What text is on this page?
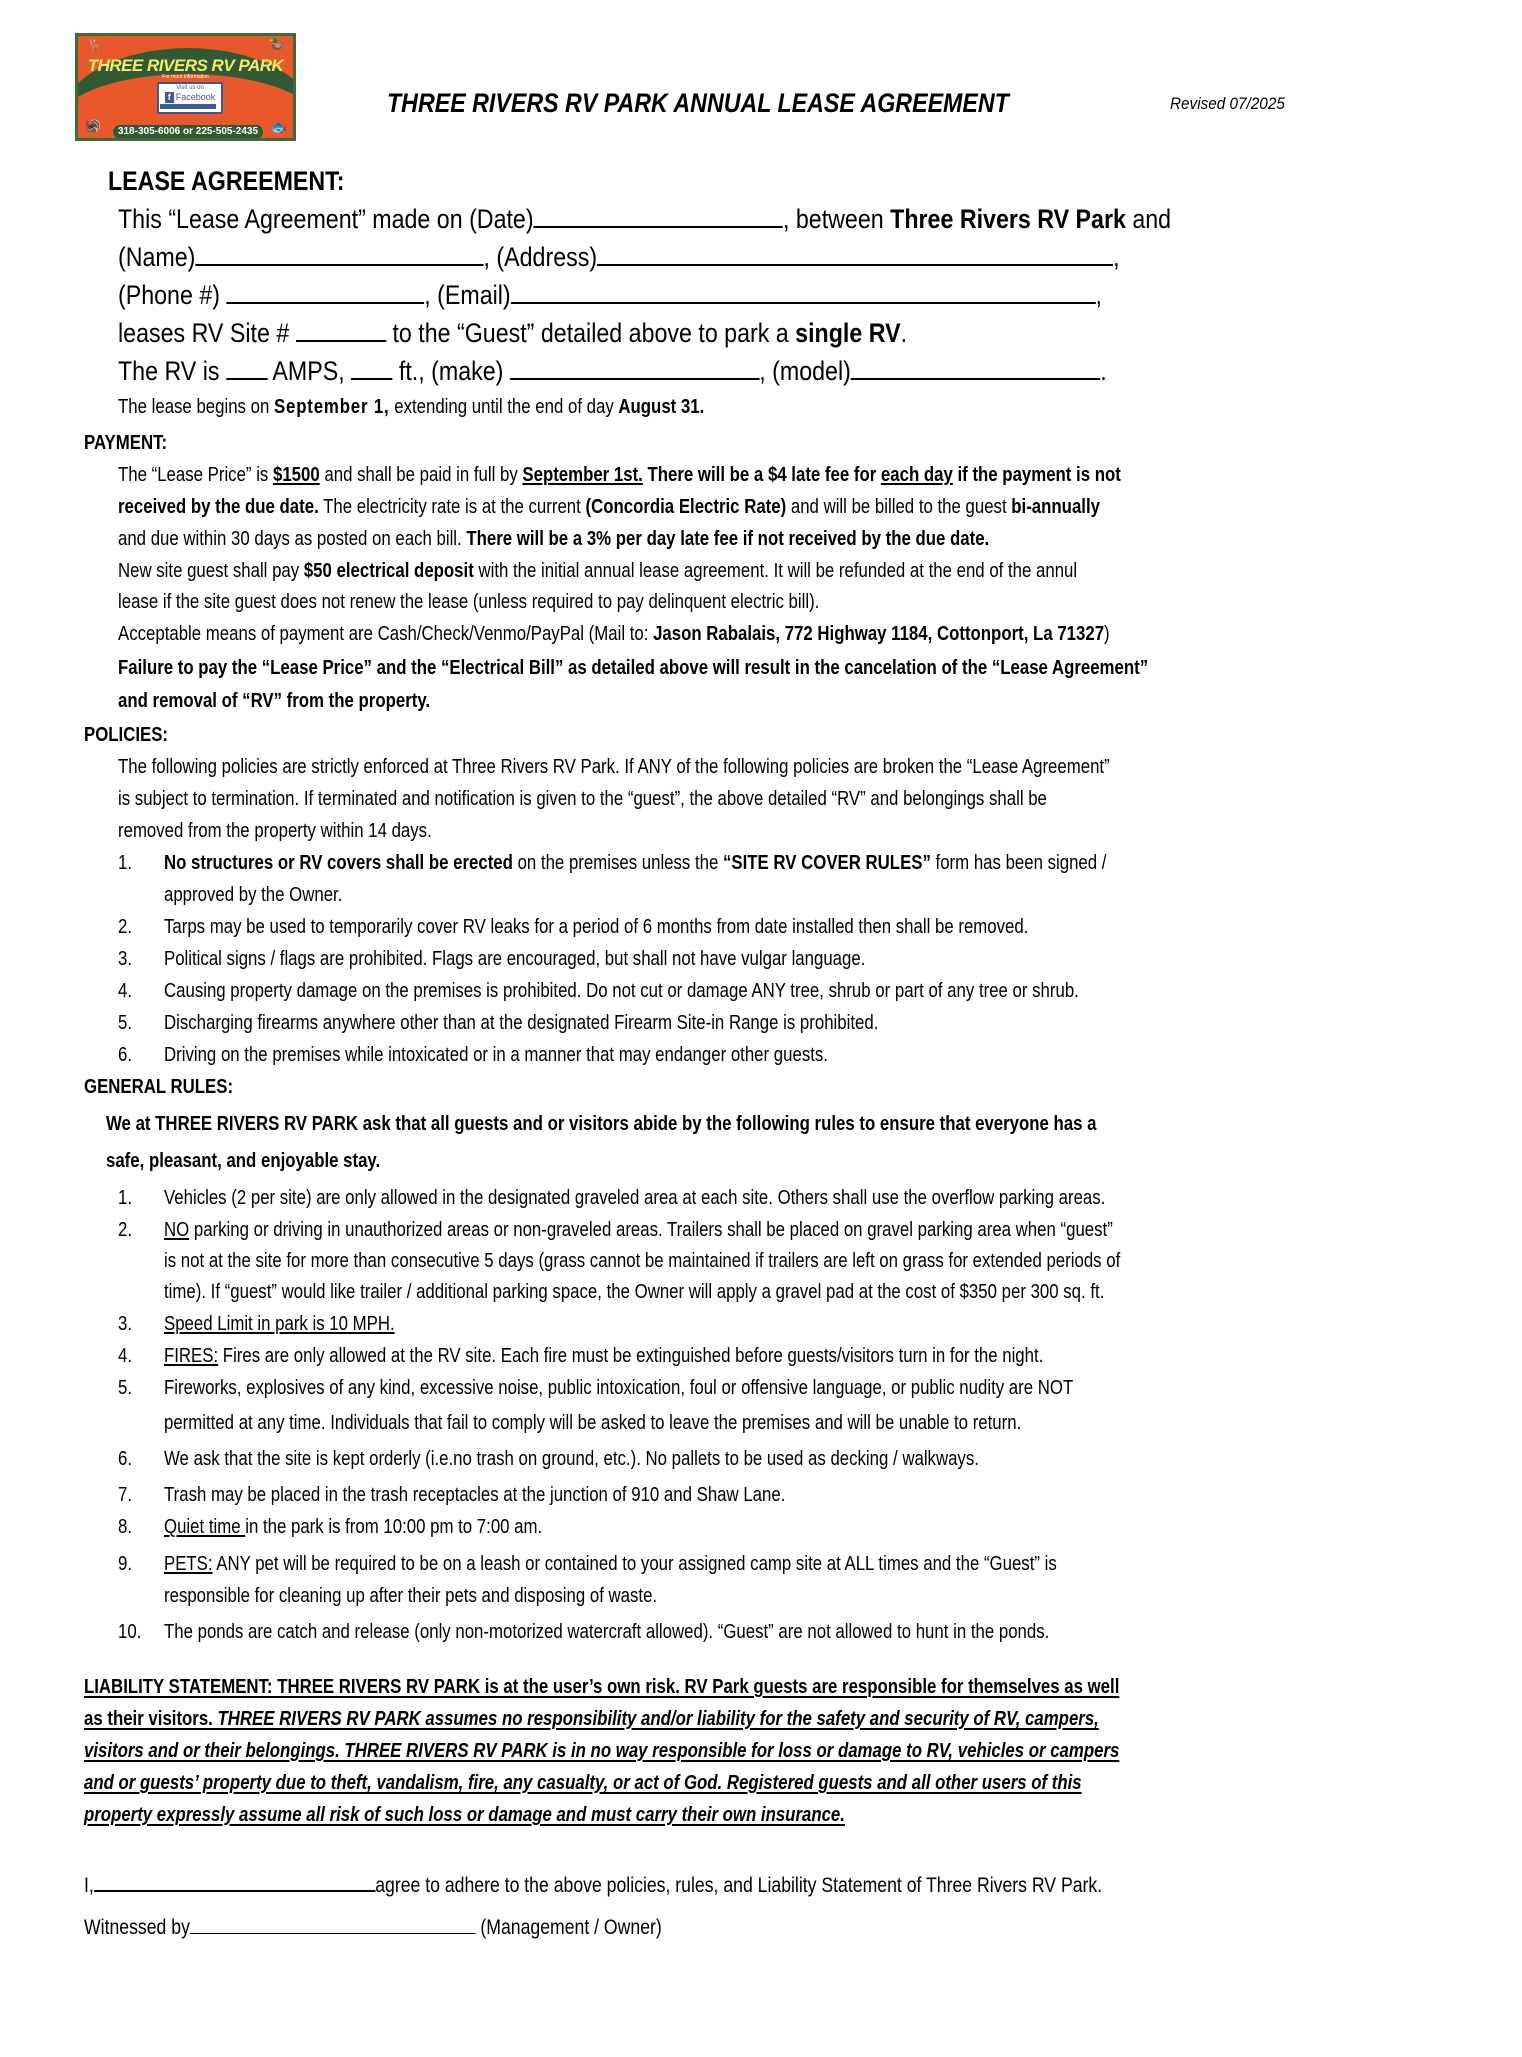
THREE RIVERS RV PARK
For more information
Visit us on
f Facebook
318-305-6006 or 225-505-2435
🦌	🦆
🦃	🐟
THREE RIVERS RV PARK ANNUAL LEASE AGREEMENT	Revised 07/2025
LEASE AGREEMENT:
This “Lease Agreement” made on (Date)	, between Three Rivers RV Park and
(Name)	, (Address)	,
(Phone #)	, (Email)	,
leases RV Site #	to the “Guest” detailed above to park a single RV.
The RV is  AMPS,  ft., (make)	, (model)	.
The lease begins on September 1, extending until the end of day August 31.
PAYMENT:
The “Lease Price” is $1500 and shall be paid in full by September 1st. There will be a $4 late fee for each day if the payment is not
received by the due date. The electricity rate is at the current (Concordia Electric Rate) and will be billed to the guest bi-annually
and due within 30 days as posted on each bill. There will be a 3% per day late fee if not received by the due date.
New site guest shall pay $50 electrical deposit with the initial annual lease agreement. It will be refunded at the end of the annul
lease if the site guest does not renew the lease (unless required to pay delinquent electric bill).
Acceptable means of payment are Cash/Check/Venmo/PayPal (Mail to: Jason Rabalais, 772 Highway 1184, Cottonport, La 71327)
Failure to pay the “Lease Price” and the “Electrical Bill” as detailed above will result in the cancelation of the “Lease Agreement”
and removal of “RV” from the property.
POLICIES:
The following policies are strictly enforced at Three Rivers RV Park. If ANY of the following policies are broken the “Lease Agreement”
is subject to termination. If terminated and notification is given to the “guest”, the above detailed “RV” and belongings shall be
removed from the property within 14 days.
1. No structures or RV covers shall be erected on the premises unless the “SITE RV COVER RULES” form has been signed /
approved by the Owner.
2. Tarps may be used to temporarily cover RV leaks for a period of 6 months from date installed then shall be removed.
3. Political signs / flags are prohibited. Flags are encouraged, but shall not have vulgar language.
4. Causing property damage on the premises is prohibited. Do not cut or damage ANY tree, shrub or part of any tree or shrub.
5. Discharging firearms anywhere other than at the designated Firearm Site-in Range is prohibited.
6. Driving on the premises while intoxicated or in a manner that may endanger other guests.
GENERAL RULES:
We at THREE RIVERS RV PARK ask that all guests and or visitors abide by the following rules to ensure that everyone has a
safe, pleasant, and enjoyable stay.
1. Vehicles (2 per site) are only allowed in the designated graveled area at each site. Others shall use the overflow parking areas.
2. NO parking or driving in unauthorized areas or non-graveled areas. Trailers shall be placed on gravel parking area when “guest”
is not at the site for more than consecutive 5 days (grass cannot be maintained if trailers are left on grass for extended periods of
time). If “guest” would like trailer / additional parking space, the Owner will apply a gravel pad at the cost of $350 per 300 sq. ft.
3. Speed Limit in park is 10 MPH.
4. FIRES: Fires are only allowed at the RV site. Each fire must be extinguished before guests/visitors turn in for the night.
5. Fireworks, explosives of any kind, excessive noise, public intoxication, foul or offensive language, or public nudity are NOT
permitted at any time. Individuals that fail to comply will be asked to leave the premises and will be unable to return.
6. We ask that the site is kept orderly (i.e.no trash on ground, etc.). No pallets to be used as decking / walkways.
7. Trash may be placed in the trash receptacles at the junction of 910 and Shaw Lane.
8. Quiet time in the park is from 10:00 pm to 7:00 am.
9. PETS: ANY pet will be required to be on a leash or contained to your assigned camp site at ALL times and the “Guest” is
responsible for cleaning up after their pets and disposing of waste.
10. The ponds are catch and release (only non-motorized watercraft allowed). “Guest” are not allowed to hunt in the ponds.
LIABILITY STATEMENT: THREE RIVERS RV PARK is at the user’s own risk. RV Park guests are responsible for themselves as well
as their visitors. THREE RIVERS RV PARK assumes no responsibility and/or liability for the safety and security of RV, campers,
visitors and or their belongings. THREE RIVERS RV PARK is in no way responsible for loss or damage to RV, vehicles or campers
and or guests’ property due to theft, vandalism, fire, any casualty, or act of God. Registered guests and all other users of this
property expressly assume all risk of such loss or damage and must carry their own insurance.
I,	agree to adhere to the above policies, rules, and Liability Statement of Three Rivers RV Park.
Witnessed by	(Management / Owner)
